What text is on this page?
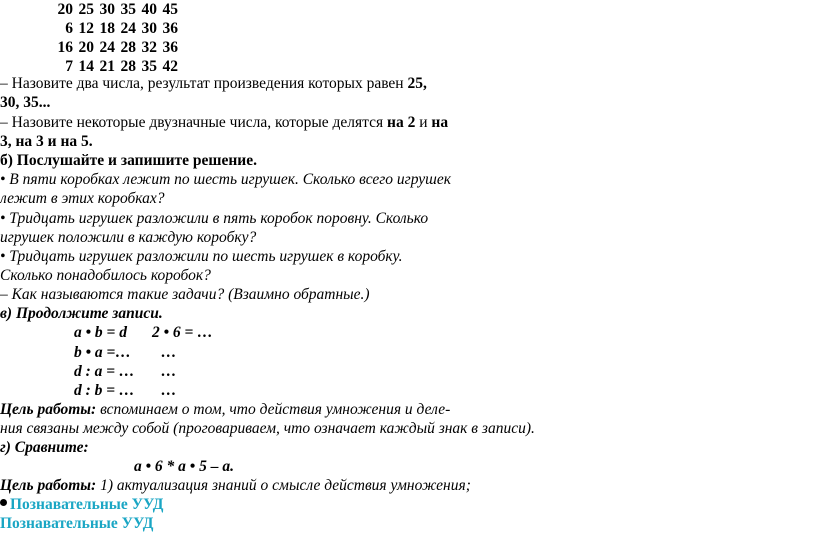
20 25 30 35 40 45
6 12 18 24 30 36
16 20 24 28 32 36
7 14 21 28 35 42
– Назовите два числа, результат произведения которых равен 25,
30, 35...
– Назовите некоторые двузначные числа, которые делятся на 2 и на
3, на 3 и на 5.
б) Послушайте и запишите решение.
• В пяти коробках лежит по шесть игрушек. Сколько всего игрушек
лежит в этих коробках?
• Тридцать игрушек разложили в пять коробок поровну. Сколько
игрушек положили в каждую коробку?
• Тридцать игрушек разложили по шесть игрушек в коробку.
Сколько понадобилось коробок?
– Как называются такие задачи? (Взаимно обратные.)
в) Продолжите записи.
a • b = d 2 • 6 = …
b • a =… …
d : a = … …
d : b = … …
Цель работы: вспоминаем о том, что действия умножения и деле-
ния связаны между собой (проговариваем, что означает каждый знак в записи).
г) Сравните:
a • 6 * a • 5 – a.
Цель работы: 1) актуализация знаний о смысле действия умножения;
Познавательные УУД
Познавательные УУД
